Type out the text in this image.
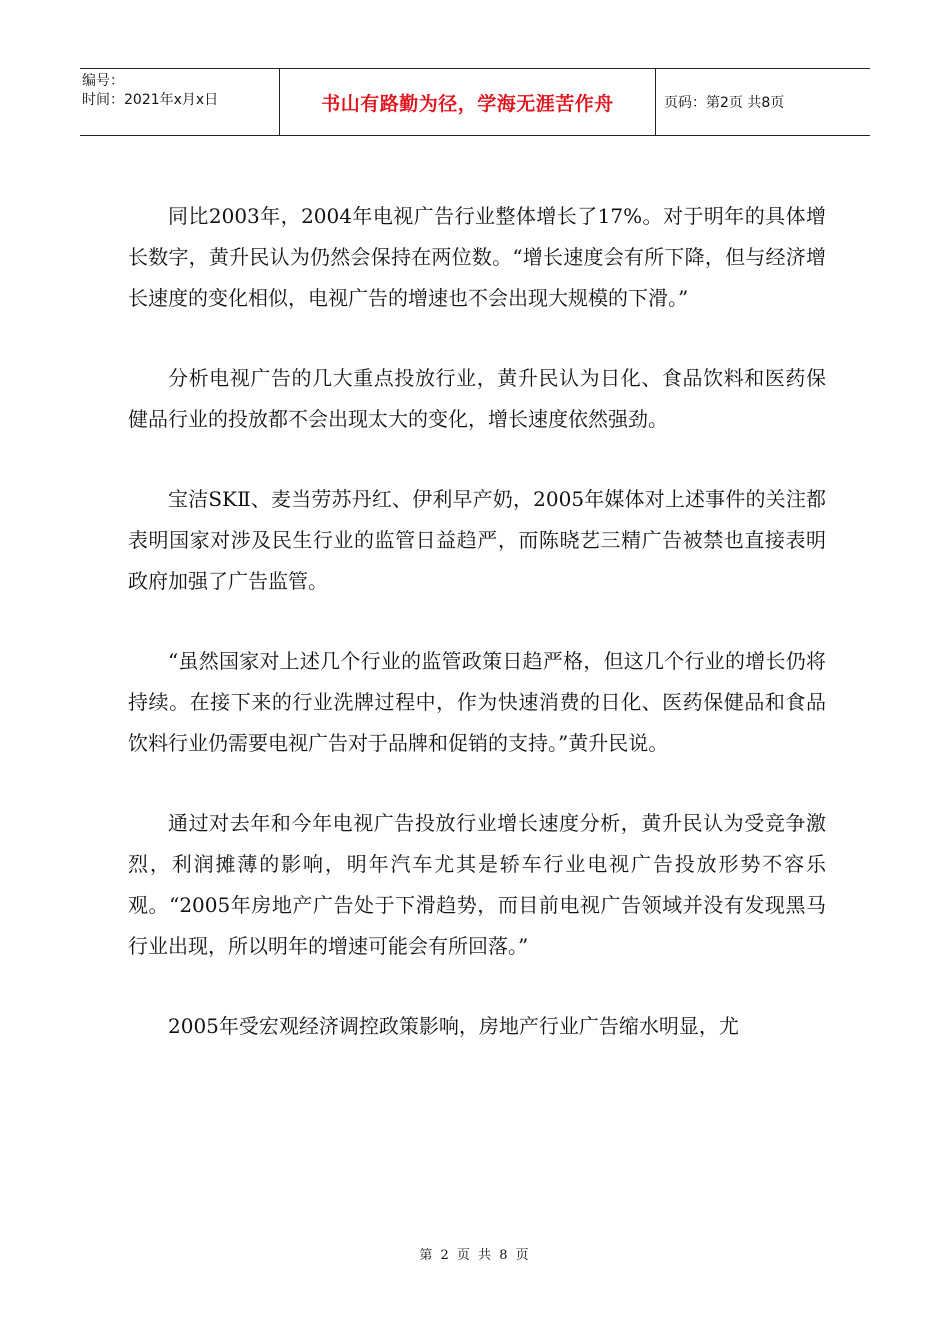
编号：
时间：2021年x月x日	书山有路勤为径，学海无涯苦作舟	页码：第2页 共8页

同比2003年，2004年电视广告行业整体增长了17%。对于明年的具体增长数字，黄升民认为仍然会保持在两位数。“增长速度会有所下降，但与经济增长速度的变化相似，电视广告的增速也不会出现大规模的下滑。”

分析电视广告的几大重点投放行业，黄升民认为日化、食品饮料和医药保健品行业的投放都不会出现太大的变化，增长速度依然强劲。

宝洁SKⅡ、麦当劳苏丹红、伊利早产奶，2005年媒体对上述事件的关注都表明国家对涉及民生行业的监管日益趋严，而陈晓艺三精广告被禁也直接表明政府加强了广告监管。

“虽然国家对上述几个行业的监管政策日趋严格，但这几个行业的增长仍将持续。在接下来的行业洗牌过程中，作为快速消费的日化、医药保健品和食品饮料行业仍需要电视广告对于品牌和促销的支持。”黄升民说。

通过对去年和今年电视广告投放行业增长速度分析，黄升民认为受竞争激烈，利润摊薄的影响，明年汽车尤其是轿车行业电视广告投放形势不容乐观。“2005年房地产广告处于下滑趋势，而目前电视广告领域并没有发现黑马行业出现，所以明年的增速可能会有所回落。”

2005年受宏观经济调控政策影响，房地产行业广告缩水明显，尤

第 2 页 共 8 页
